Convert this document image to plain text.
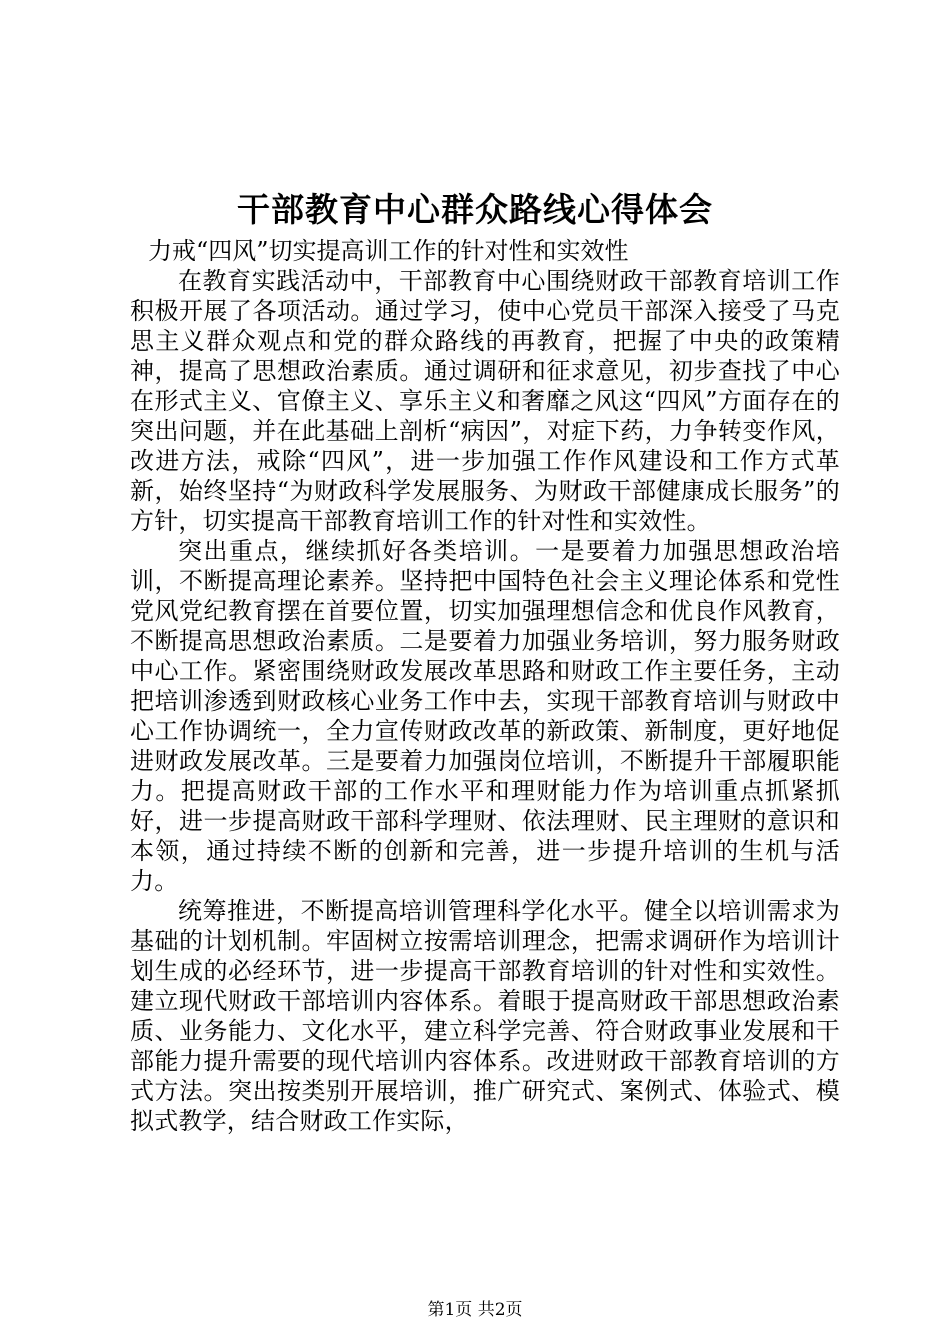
干部教育中心群众路线心得体会

力戒“四风”切实提高训工作的针对性和实效性

在教育实践活动中，干部教育中心围绕财政干部教育培训工作积极开展了各项活动。通过学习，使中心党员干部深入接受了马克思主义群众观点和党的群众路线的再教育，把握了中央的政策精神，提高了思想政治素质。通过调研和征求意见，初步查找了中心在形式主义、官僚主义、享乐主义和奢靡之风这“四风”方面存在的突出问题，并在此基础上剖析“病因”，对症下药，力争转变作风，改进方法，戒除“四风”，进一步加强工作作风建设和工作方式革新，始终坚持“为财政科学发展服务、为财政干部健康成长服务”的方针，切实提高干部教育培训工作的针对性和实效性。

突出重点，继续抓好各类培训。一是要着力加强思想政治培训，不断提高理论素养。坚持把中国特色社会主义理论体系和党性党风党纪教育摆在首要位置，切实加强理想信念和优良作风教育，不断提高思想政治素质。二是要着力加强业务培训，努力服务财政中心工作。紧密围绕财政发展改革思路和财政工作主要任务，主动把培训渗透到财政核心业务工作中去，实现干部教育培训与财政中心工作协调统一，全力宣传财政改革的新政策、新制度，更好地促进财政发展改革。三是要着力加强岗位培训，不断提升干部履职能力。把提高财政干部的工作水平和理财能力作为培训重点抓紧抓好，进一步提高财政干部科学理财、依法理财、民主理财的意识和本领，通过持续不断的创新和完善，进一步提升培训的生机与活力。

统筹推进，不断提高培训管理科学化水平。健全以培训需求为基础的计划机制。牢固树立按需培训理念，把需求调研作为培训计划生成的必经环节，进一步提高干部教育培训的针对性和实效性。建立现代财政干部培训内容体系。着眼于提高财政干部思想政治素质、业务能力、文化水平，建立科学完善、符合财政事业发展和干部能力提升需要的现代培训内容体系。改进财政干部教育培训的方式方法。突出按类别开展培训，推广研究式、案例式、体验式、模拟式教学，结合财政工作实际，

第1页 共2页
